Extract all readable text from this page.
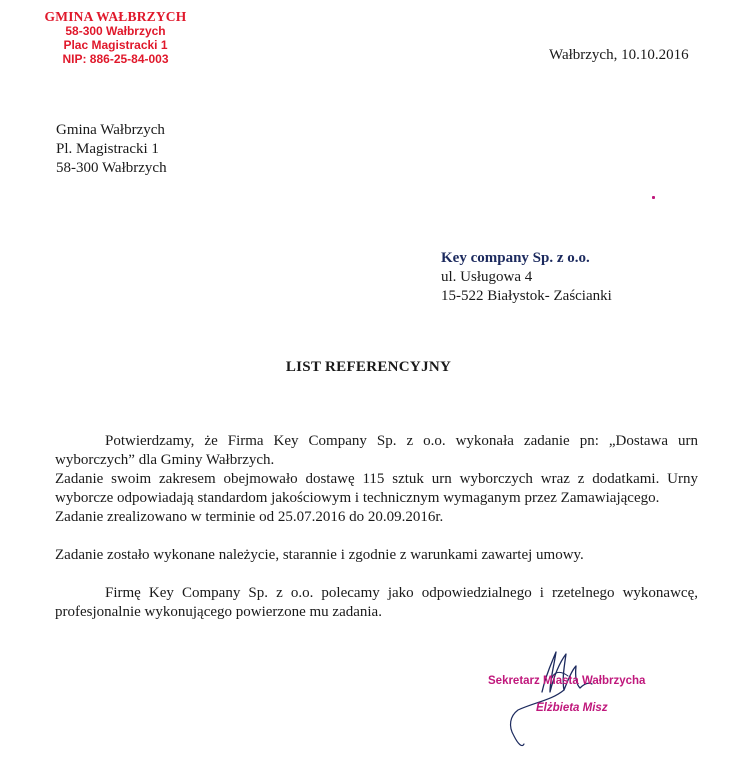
GMINA WAŁBRZYCH
58-300 Wałbrzych
Plac Magistracki 1
NIP: 886-25-84-003	Wałbrzych, 10.10.2016
Gmina Wałbrzych
Pl. Magistracki 1
58-300 Wałbrzych
Key company Sp. z o.o.
ul. Usługowa 4
15-522 Białystok- Zaścianki
LIST REFERENCYJNY

Potwierdzamy, że Firma Key Company Sp. z o.o. wykonała zadanie pn: „Dostawa urn wyborczych” dla Gminy Wałbrzych.

Zadanie swoim zakresem obejmowało dostawę 115 sztuk urn wyborczych wraz z dodatkami. Urny wyborcze odpowiadają standardom jakościowym i technicznym wymaganym przez Zamawiającego.

Zadanie zrealizowano w terminie od 25.07.2016 do 20.09.2016r.

Zadanie zostało wykonane należycie, starannie i zgodnie z warunkami zawartej umowy.

Firmę Key Company Sp. z o.o. polecamy jako odpowiedzialnego i rzetelnego wykonawcę, profesjonalnie wykonującego powierzone mu zadania.

Sekretarz Miasta Wałbrzycha
Elżbieta Misz
